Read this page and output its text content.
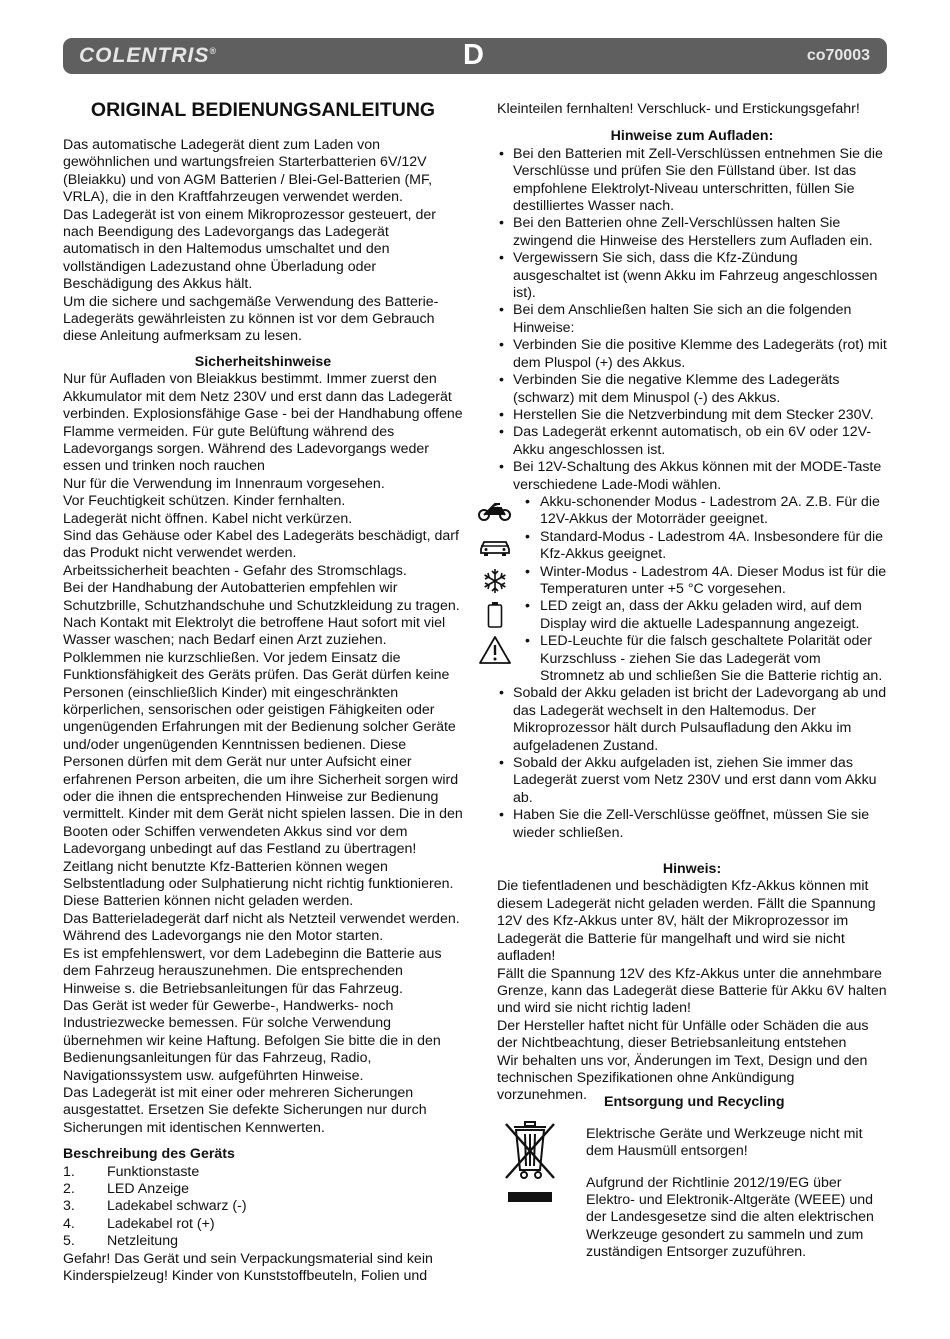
COLENTRIS®	D	co70003
ORIGINAL BEDIENUNGSANLEITUNG

Das automatische Ladegerät dient zum Laden von gewöhnlichen und wartungsfreien Starterbatterien 6V/12V (Bleiakku) und von AGM Batterien / Blei-Gel-Batterien (MF, VRLA), die in den Kraftfahrzeugen verwendet werden.

Das Ladegerät ist von einem Mikroprozessor gesteuert, der nach Beendigung des Ladevorgangs das Ladegerät automatisch in den Haltemodus umschaltet und den vollständigen Ladezustand ohne Überladung oder Beschädigung des Akkus hält.

Um die sichere und sachgemäße Verwendung des Batterie-Ladegeräts gewährleisten zu können ist vor dem Gebrauch diese Anleitung aufmerksam zu lesen.

Sicherheitshinweise

Nur für Aufladen von Bleiakkus bestimmt. Immer zuerst den Akkumulator mit dem Netz 230V und erst dann das Ladegerät verbinden. Explosionsfähige Gase - bei der Handhabung offene Flamme vermeiden. Für gute Belüftung während des Ladevorgangs sorgen. Während des Ladevorgangs weder essen und trinken noch rauchen

Nur für die Verwendung im Innenraum vorgesehen.

Vor Feuchtigkeit schützen. Kinder fernhalten.

Ladegerät nicht öffnen. Kabel nicht verkürzen.

Sind das Gehäuse oder Kabel des Ladegeräts beschädigt, darf das Produkt nicht verwendet werden.

Arbeitssicherheit beachten - Gefahr des Stromschlags.

Bei der Handhabung der Autobatterien empfehlen wir Schutzbrille, Schutzhandschuhe und Schutzkleidung zu tragen. Nach Kontakt mit Elektrolyt die betroffene Haut sofort mit viel Wasser waschen; nach Bedarf einen Arzt zuziehen.

Polklemmen nie kurzschließen. Vor jedem Einsatz die Funktionsfähigkeit des Geräts prüfen. Das Gerät dürfen keine Personen (einschließlich Kinder) mit eingeschränkten körperlichen, sensorischen oder geistigen Fähigkeiten oder ungenügenden Erfahrungen mit der Bedienung solcher Geräte und/oder ungenügenden Kenntnissen bedienen. Diese Personen dürfen mit dem Gerät nur unter Aufsicht einer erfahrenen Person arbeiten, die um ihre Sicherheit sorgen wird oder die ihnen die entsprechenden Hinweise zur Bedienung vermittelt. Kinder mit dem Gerät nicht spielen lassen. Die in den Booten oder Schiffen verwendeten Akkus sind vor dem Ladevorgang unbedingt auf das Festland zu übertragen!

Zeitlang nicht benutzte Kfz-Batterien können wegen Selbstentladung oder Sulphatierung nicht richtig funktionieren. Diese Batterien können nicht geladen werden.

Das Batterieladegerät darf nicht als Netzteil verwendet werden. Während des Ladevorgangs nie den Motor starten.

Es ist empfehlenswert, vor dem Ladebeginn die Batterie aus dem Fahrzeug herauszunehmen. Die entsprechenden Hinweise s. die Betriebsanleitungen für das Fahrzeug.

Das Gerät ist weder für Gewerbe-, Handwerks- noch Industriezwecke bemessen. Für solche Verwendung übernehmen wir keine Haftung. Befolgen Sie bitte die in den Bedienungsanleitungen für das Fahrzeug, Radio, Navigationssystem usw. aufgeführten Hinweise.

Das Ladegerät ist mit einer oder mehreren Sicherungen ausgestattet. Ersetzen Sie defekte Sicherungen nur durch Sicherungen mit identischen Kennwerten.

Beschreibung des Geräts

1. Funktionstaste
2. LED Anzeige
3. Ladekabel schwarz (-)
4. Ladekabel rot (+)
5. Netzleitung

Gefahr! Das Gerät und sein Verpackungsmaterial sind kein Kinderspielzeug! Kinder von Kunststoffbeuteln, Folien und

Kleinteilen fernhalten! Verschluck- und Erstickungsgefahr!

Hinweise zum Aufladen:

• Bei den Batterien mit Zell-Verschlüssen entnehmen Sie die Verschlüsse und prüfen Sie den Füllstand über. Ist das empfohlene Elektrolyt-Niveau unterschritten, füllen Sie destilliertes Wasser nach.
• Bei den Batterien ohne Zell-Verschlüssen halten Sie zwingend die Hinweise des Herstellers zum Aufladen ein.
• Vergewissern Sie sich, dass die Kfz-Zündung ausgeschaltet ist (wenn Akku im Fahrzeug angeschlossen ist).
• Bei dem Anschließen halten Sie sich an die folgenden Hinweise:
• Verbinden Sie die positive Klemme des Ladegeräts (rot) mit dem Pluspol (+) des Akkus.
• Verbinden Sie die negative Klemme des Ladegeräts (schwarz) mit dem Minuspol (-) des Akkus.
• Herstellen Sie die Netzverbindung mit dem Stecker 230V.
• Das Ladegerät erkennt automatisch, ob ein 6V oder 12V-Akku angeschlossen ist.
• Bei 12V-Schaltung des Akkus können mit der MODE-Taste verschiedene Lade-Modi wählen.
• Akku-schonender Modus - Ladestrom 2A. Z.B. Für die 12V-Akkus der Motorräder geeignet.
• Standard-Modus - Ladestrom 4A. Insbesondere für die Kfz-Akkus geeignet.
• Winter-Modus - Ladestrom 4A. Dieser Modus ist für die Temperaturen unter +5 °C vorgesehen.
• LED zeigt an, dass der Akku geladen wird, auf dem Display wird die aktuelle Ladespannung angezeigt.
• LED-Leuchte für die falsch geschaltete Polarität oder Kurzschluss - ziehen Sie das Ladegerät vom Stromnetz ab und schließen Sie die Batterie richtig an.
• Sobald der Akku geladen ist bricht der Ladevorgang ab und das Ladegerät wechselt in den Haltemodus. Der Mikroprozessor hält durch Pulsaufladung den Akku im aufgeladenen Zustand.
• Sobald der Akku aufgeladen ist, ziehen Sie immer das Ladegerät zuerst vom Netz 230V und erst dann vom Akku ab.
• Haben Sie die Zell-Verschlüsse geöffnet, müssen Sie sie wieder schließen.

Hinweis:

Die tiefentladenen und beschädigten Kfz-Akkus können mit diesem Ladegerät nicht geladen werden. Fällt die Spannung 12V des Kfz-Akkus unter 8V, hält der Mikroprozessor im Ladegerät die Batterie für mangelhaft und wird sie nicht aufladen!

Fällt die Spannung 12V des Kfz-Akkus unter die annehmbare Grenze, kann das Ladegerät diese Batterie für Akku 6V halten und wird sie nicht richtig laden!

Der Hersteller haftet nicht für Unfälle oder Schäden die aus der Nichtbeachtung, dieser Betriebsanleitung entstehen

Wir behalten uns vor, Änderungen im Text, Design und den technischen Spezifikationen ohne Ankündigung vorzunehmen.	Entsorgung und Recycling

Elektrische Geräte und Werkzeuge nicht mit dem Hausmüll entsorgen!

Aufgrund der Richtlinie 2012/19/EG über Elektro- und Elektronik-Altgeräte (WEEE) und der Landesgesetze sind die alten elektrischen Werkzeuge gesondert zu sammeln und zum zuständigen Entsorger zuzuführen.
